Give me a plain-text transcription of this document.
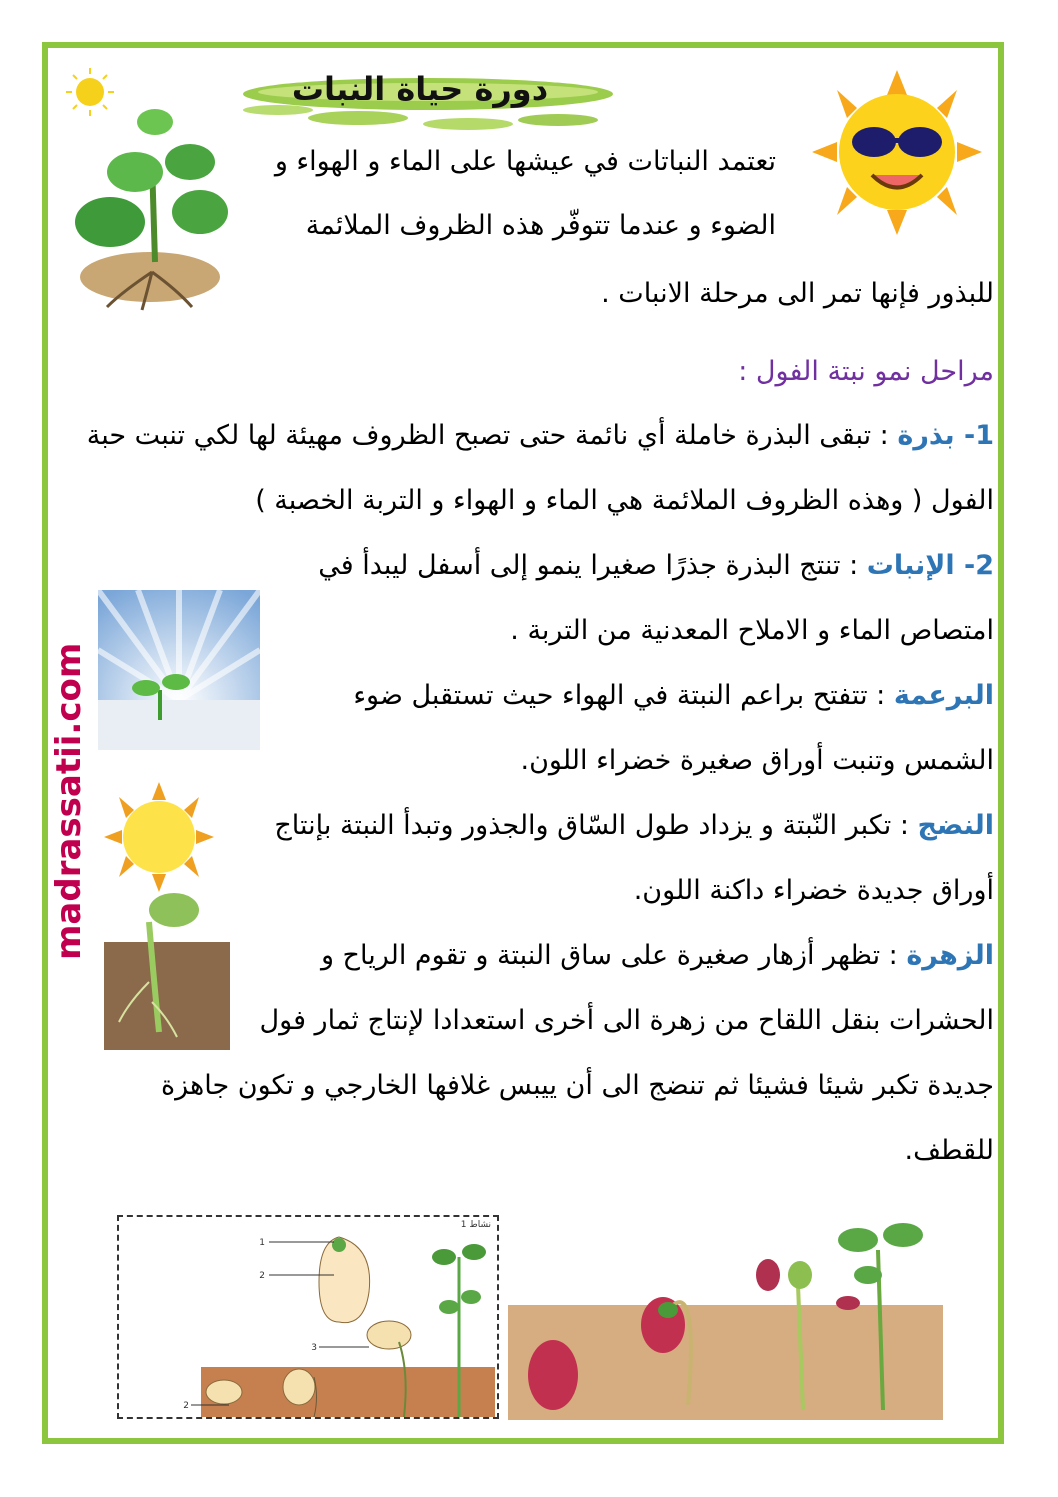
دورة حياة النبات
تعتمد النباتات في عيشها على الماء و الهواء و
الضوء و عندما تتوفّر هذه الظروف الملائمة
للبذور فإنها تمر الى مرحلة الانبات .
مراحل نمو نبتة الفول :
1- بذرة : تبقى البذرة خاملة أي نائمة حتى تصبح الظروف مهيئة لها لكي تنبت حبة
الفول ( وهذه الظروف الملائمة هي الماء و الهواء و التربة الخصبة )
2- الإنبات : تنتج البذرة جذرًا صغيرا ينمو إلى أسفل ليبدأ في
امتصاص الماء و الاملاح المعدنية من التربة .
البرعمة : تتفتح براعم النبتة في الهواء حيث تستقبل ضوء
الشمس وتنبت أوراق صغيرة خضراء اللون.
النضج : تكبر النّبتة و يزداد طول السّاق والجذور وتبدأ النبتة بإنتاج
أوراق جديدة خضراء داكنة اللون.
الزهرة : تظهر أزهار صغيرة على ساق النبتة و تقوم الرياح و
الحشرات بنقل اللقاح من زهرة الى أخرى استعدادا لإنتاج ثمار فول
جديدة تكبر شيئا فشيئا ثم تنضج الى أن ييبس غلافها الخارجي و تكون جاهزة
للقطف.
madrassatii.com
نشاط 1
1
2
2
3
